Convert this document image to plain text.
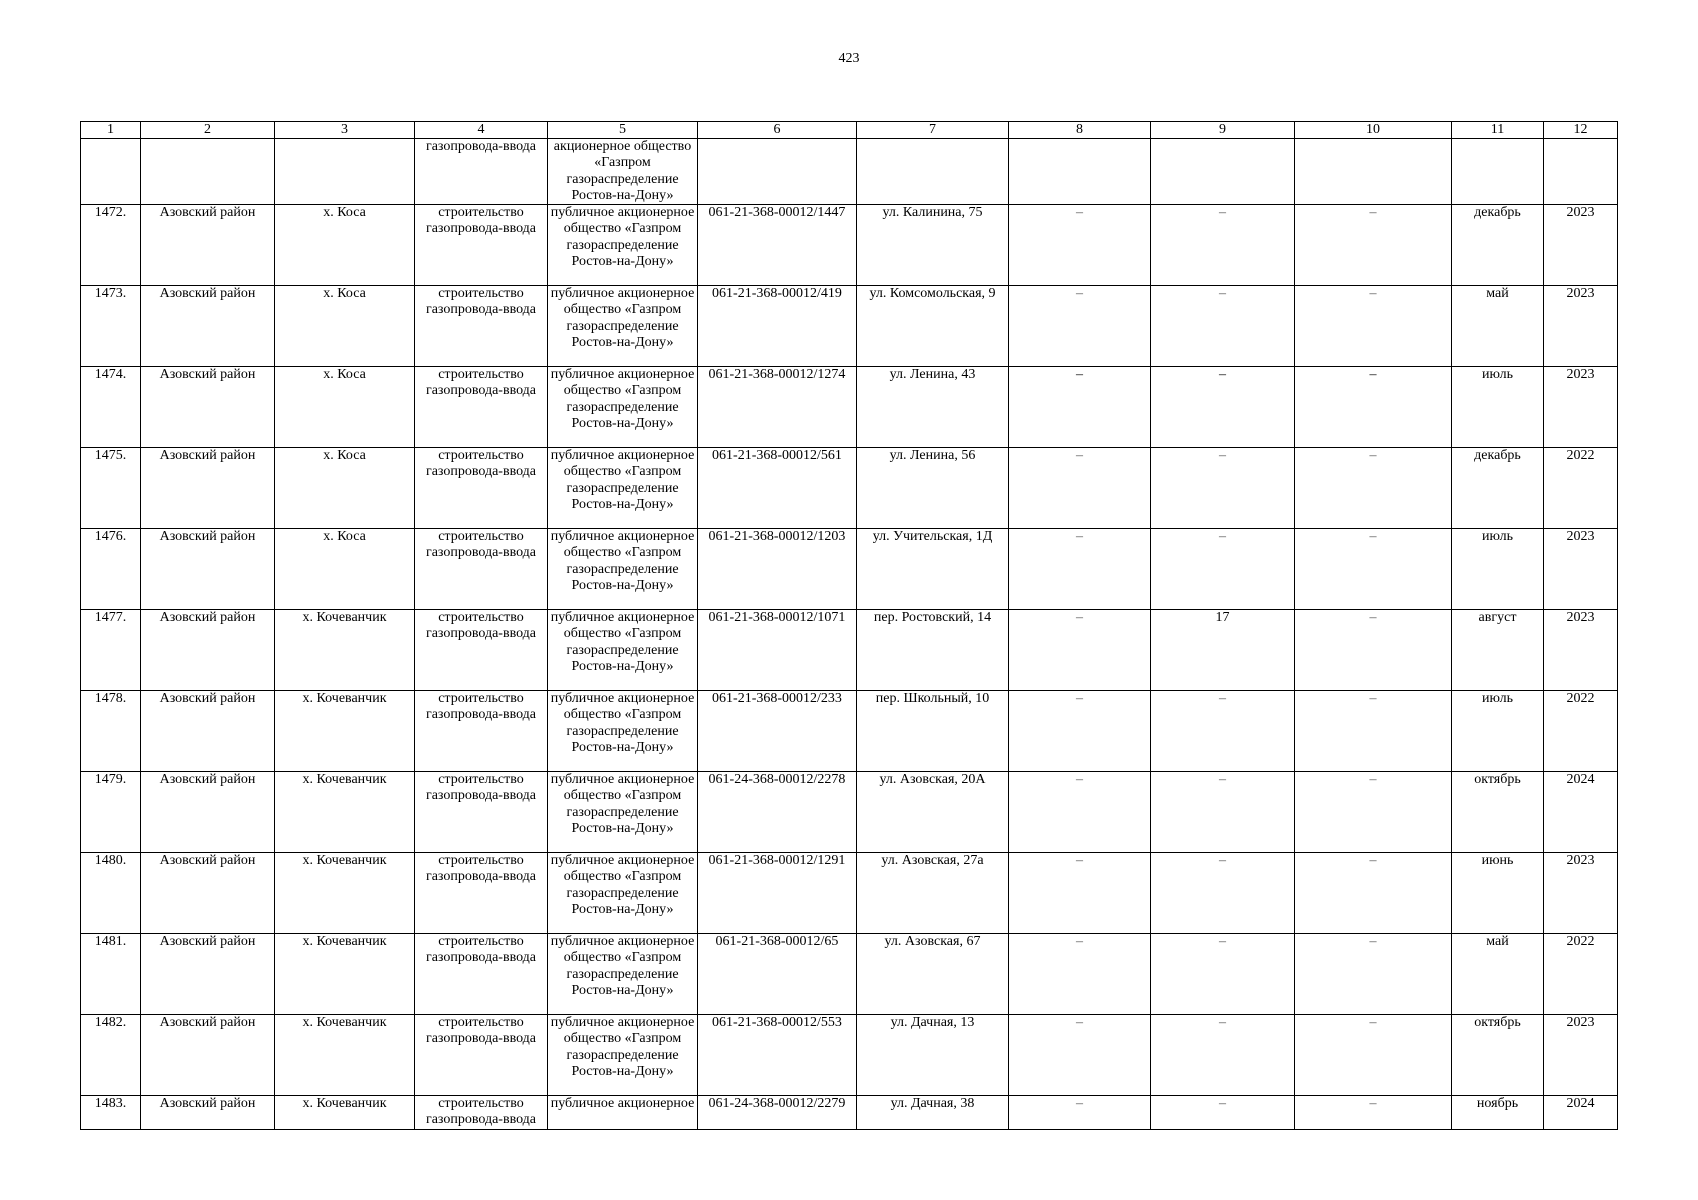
423
1	2	3	4	5	6	7	8	9	10	11	12
			газопровода-ввода	акционерное общество «Газпром газораспределение Ростов-на-Дону»							
1472.	Азовский район	х. Коса	строительство газопровода-ввода	публичное акционерное общество «Газпром газораспределение Ростов-на-Дону»	061-21-368-00012/1447	ул. Калинина, 75	–	–	–	декабрь	2023
1473.	Азовский район	х. Коса	строительство газопровода-ввода	публичное акционерное общество «Газпром газораспределение Ростов-на-Дону»	061-21-368-00012/419	ул. Комсомольская, 9	–	–	–	май	2023
1474.	Азовский район	х. Коса	строительство газопровода-ввода	публичное акционерное общество «Газпром газораспределение Ростов-на-Дону»	061-21-368-00012/1274	ул. Ленина, 43	–	–	–	июль	2023
1475.	Азовский район	х. Коса	строительство газопровода-ввода	публичное акционерное общество «Газпром газораспределение Ростов-на-Дону»	061-21-368-00012/561	ул. Ленина, 56	–	–	–	декабрь	2022
1476.	Азовский район	х. Коса	строительство газопровода-ввода	публичное акционерное общество «Газпром газораспределение Ростов-на-Дону»	061-21-368-00012/1203	ул. Учительская, 1Д	–	–	–	июль	2023
1477.	Азовский район	х. Кочеванчик	строительство газопровода-ввода	публичное акционерное общество «Газпром газораспределение Ростов-на-Дону»	061-21-368-00012/1071	пер. Ростовский, 14	–	17	–	август	2023
1478.	Азовский район	х. Кочеванчик	строительство газопровода-ввода	публичное акционерное общество «Газпром газораспределение Ростов-на-Дону»	061-21-368-00012/233	пер. Школьный, 10	–	–	–	июль	2022
1479.	Азовский район	х. Кочеванчик	строительство газопровода-ввода	публичное акционерное общество «Газпром газораспределение Ростов-на-Дону»	061-24-368-00012/2278	ул. Азовская, 20А	–	–	–	октябрь	2024
1480.	Азовский район	х. Кочеванчик	строительство газопровода-ввода	публичное акционерное общество «Газпром газораспределение Ростов-на-Дону»	061-21-368-00012/1291	ул. Азовская, 27а	–	–	–	июнь	2023
1481.	Азовский район	х. Кочеванчик	строительство газопровода-ввода	публичное акционерное общество «Газпром газораспределение Ростов-на-Дону»	061-21-368-00012/65	ул. Азовская, 67	–	–	–	май	2022
1482.	Азовский район	х. Кочеванчик	строительство газопровода-ввода	публичное акционерное общество «Газпром газораспределение Ростов-на-Дону»	061-21-368-00012/553	ул. Дачная, 13	–	–	–	октябрь	2023
1483.	Азовский район	х. Кочеванчик	строительство газопровода-ввода	публичное акционерное	061-24-368-00012/2279	ул. Дачная, 38	–	–	–	ноябрь	2024
